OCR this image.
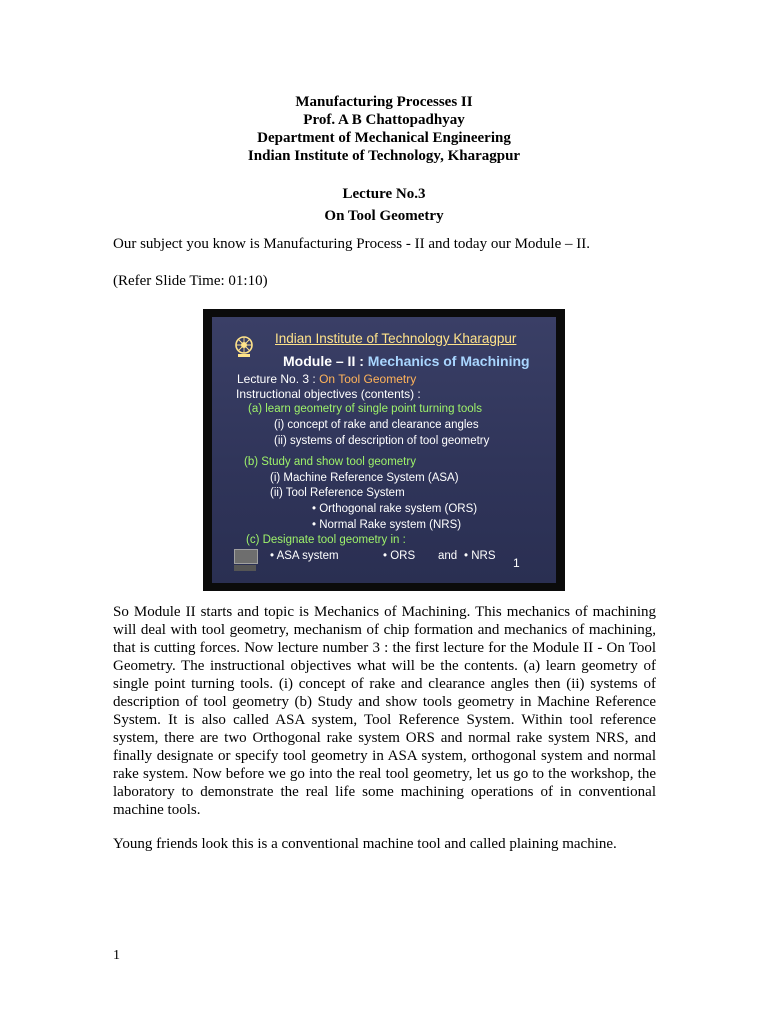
Manufacturing Processes II
Prof. A B Chattopadhyay
Department of Mechanical Engineering
Indian Institute of Technology, Kharagpur
Lecture No.3
On Tool Geometry
Our subject you know is Manufacturing Process - II and today our Module – II.
(Refer Slide Time: 01:10)
Indian Institute of Technology Kharagpur
Module – II : Mechanics of Machining
Lecture No. 3 : On Tool Geometry
Instructional objectives (contents) :
(a) learn geometry of single point turning tools
(i) concept of rake and clearance angles
(ii) systems of description of tool geometry
(b) Study and show tool geometry
(i) Machine Reference System (ASA)
(ii) Tool Reference System
• Orthogonal rake system (ORS)
• Normal Rake system (NRS)
(c) Designate tool geometry in :
• ASA system	• ORS and • NRS 1
So Module II starts and topic is Mechanics of Machining. This mechanics of machining will deal with tool geometry, mechanism of chip formation and mechanics of machining, that is cutting forces. Now lecture number 3 : the first lecture for the Module II - On Tool Geometry. The instructional objectives what will be the contents. (a) learn geometry of single point turning tools. (i) concept of rake and clearance angles then (ii) systems of description of tool geometry (b) Study and show tools geometry in Machine Reference System. It is also called ASA system, Tool Reference System. Within tool reference system, there are two Orthogonal rake system ORS and normal rake system NRS, and finally designate or specify tool geometry in ASA system, orthogonal system and normal rake system. Now before we go into the real tool geometry, let us go to the workshop, the laboratory to demonstrate the real life some machining operations of in conventional machine tools.
Young friends look this is a conventional machine tool and called plaining machine.
1
